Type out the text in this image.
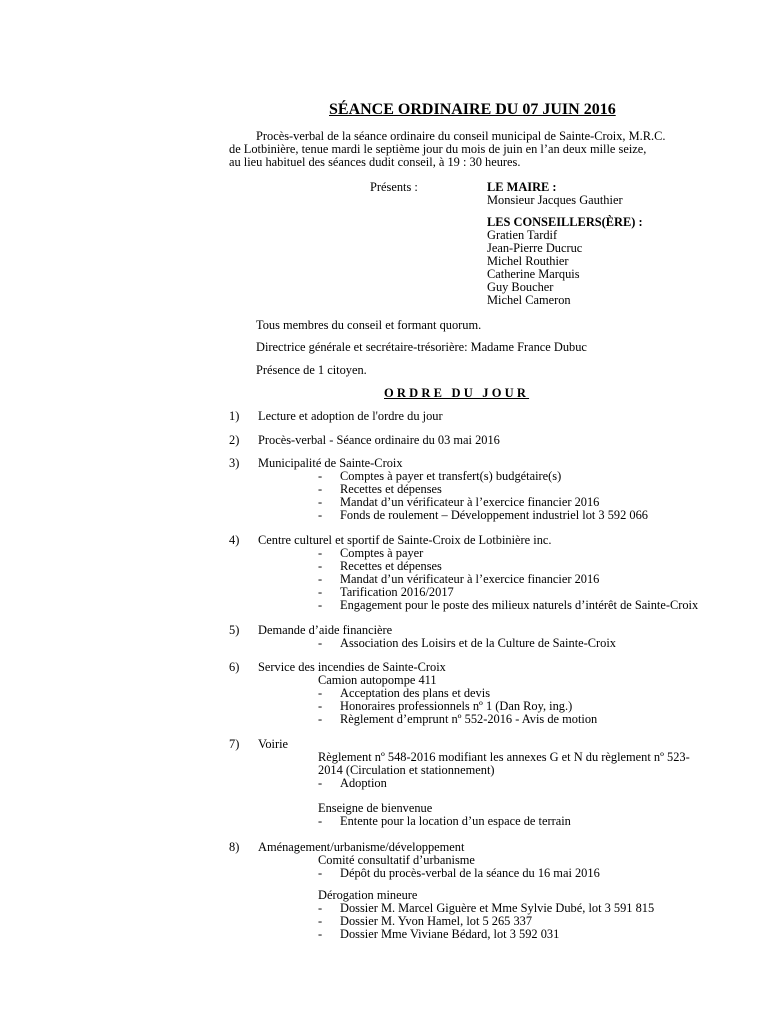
SÉANCE ORDINAIRE DU 07 JUIN 2016
Procès-verbal de la séance ordinaire du conseil municipal de Sainte-Croix, M.R.C.
de Lotbinière, tenue mardi le septième jour du mois de juin en l’an deux mille seize,
au lieu habituel des séances dudit conseil, à 19 : 30 heures.
Présents :	LE MAIRE :
Monsieur Jacques Gauthier
LES CONSEILLERS(ÈRE) :
Gratien Tardif
Jean-Pierre Ducruc
Michel Routhier
Catherine Marquis
Guy Boucher
Michel Cameron
Tous membres du conseil et formant quorum.
Directrice générale et secrétaire-trésorière: Madame France Dubuc
Présence de 1 citoyen.
ORDRE DU JOUR
1) Lecture et adoption de l'ordre du jour
2) Procès-verbal - Séance ordinaire du 03 mai 2016
3) Municipalité de Sainte-Croix
- Comptes à payer et transfert(s) budgétaire(s)
- Recettes et dépenses
- Mandat d’un vérificateur à l’exercice financier 2016
- Fonds de roulement – Développement industriel lot 3 592 066
4) Centre culturel et sportif de Sainte-Croix de Lotbinière inc.
- Comptes à payer
- Recettes et dépenses
- Mandat d’un vérificateur à l’exercice financier 2016
- Tarification 2016/2017
- Engagement pour le poste des milieux naturels d’intérêt de Sainte-Croix
5) Demande d’aide financière
- Association des Loisirs et de la Culture de Sainte-Croix
6) Service des incendies de Sainte-Croix
Camion autopompe 411
- Acceptation des plans et devis
- Honoraires professionnels nº 1 (Dan Roy, ing.)
- Règlement d’emprunt nº 552-2016 - Avis de motion
7) Voirie
Règlement nº 548-2016 modifiant les annexes G et N du règlement nº 523-
2014 (Circulation et stationnement)
- Adoption
Enseigne de bienvenue
- Entente pour la location d’un espace de terrain
8) Aménagement/urbanisme/développement
Comité consultatif d’urbanisme
- Dépôt du procès-verbal de la séance du 16 mai 2016
Dérogation mineure
- Dossier M. Marcel Giguère et Mme Sylvie Dubé, lot 3 591 815
- Dossier M. Yvon Hamel, lot 5 265 337
- Dossier Mme Viviane Bédard, lot 3 592 031
